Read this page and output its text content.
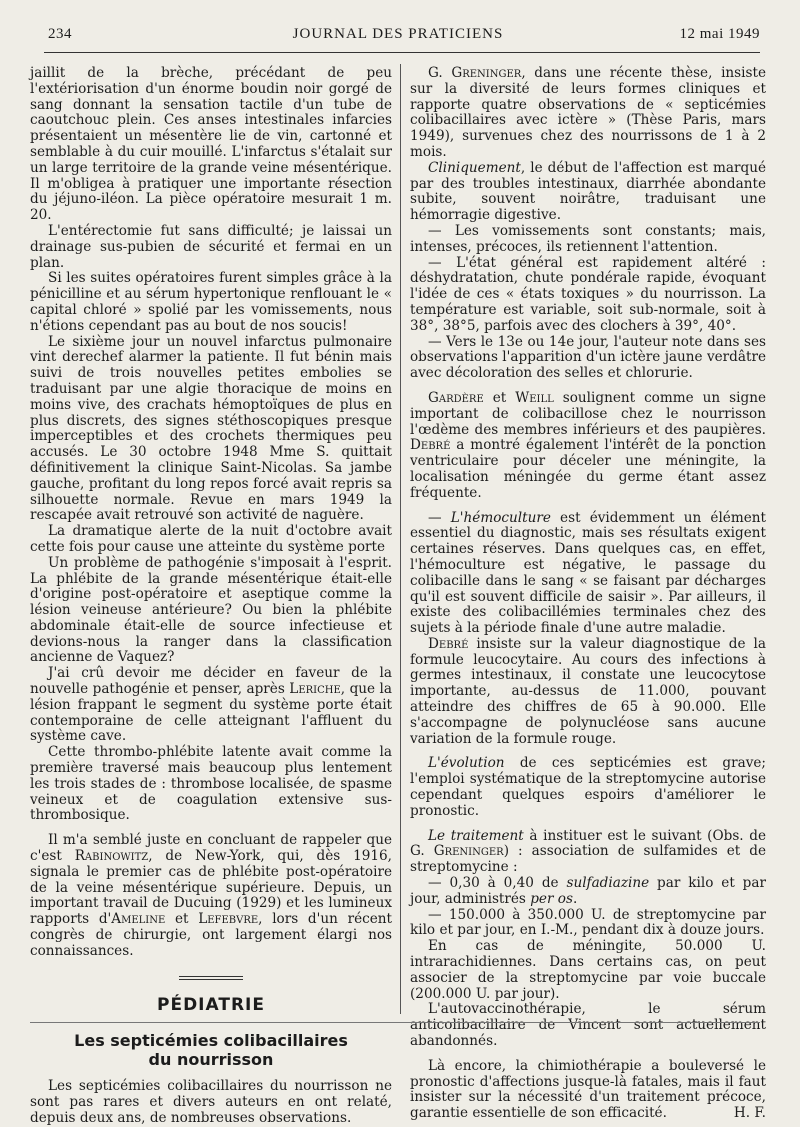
234	JOURNAL DES PRATICIENS	12 mai 1949

jaillit de la brèche, précédant de peu l'extériorisation d'un énorme boudin noir gorgé de sang donnant la sensation tactile d'un tube de caoutchouc plein. Ces anses intestinales infarcies présentaient un mésentère lie de vin, cartonné et semblable à du cuir mouillé. L'infarctus s'étalait sur un large territoire de la grande veine mésentérique. Il m'obligea à pratiquer une importante résection du jéjuno-iléon. La pièce opératoire mesurait 1 m. 20.

L'entérectomie fut sans difficulté; je laissai un drainage sus-pubien de sécurité et fermai en un plan.

Si les suites opératoires furent simples grâce à la pénicilline et au sérum hypertonique renflouant le « capital chloré » spolié par les vomissements, nous n'étions cependant pas au bout de nos soucis!

Le sixième jour un nouvel infarctus pulmonaire vint derechef alarmer la patiente. Il fut bénin mais suivi de trois nouvelles petites embolies se traduisant par une algie thoracique de moins en moins vive, des crachats hémoptoïques de plus en plus discrets, des signes stéthoscopiques presque imperceptibles et des crochets thermiques peu accusés. Le 30 octobre 1948 Mme S. quittait définitivement la clinique Saint-Nicolas. Sa jambe gauche, profitant du long repos forcé avait repris sa silhouette normale. Revue en mars 1949 la rescapée avait retrouvé son activité de naguère.

La dramatique alerte de la nuit d'octobre avait cette fois pour cause une atteinte du système porte

Un problème de pathogénie s'imposait à l'esprit. La phlébite de la grande mésentérique était-elle d'origine post-opératoire et aseptique comme la lésion veineuse antérieure? Ou bien la phlébite abdominale était-elle de source infectieuse et devions-nous la ranger dans la classification ancienne de Vaquez?

J'ai crû devoir me décider en faveur de la nouvelle pathogénie et penser, après Leriche, que la lésion frappant le segment du système porte était contemporaine de celle atteignant l'affluent du système cave.

Cette thrombo-phlébite latente avait comme la première traversé mais beaucoup plus lentement les trois stades de : thrombose localisée, de spasme veineux et de coagulation extensive sus-thrombosique.

Il m'a semblé juste en concluant de rappeler que c'est Rabinowitz, de New-York, qui, dès 1916, signala le premier cas de phlébite post-opératoire de la veine mésentérique supérieure. Depuis, un important travail de Ducuing (1929) et les lumineux rapports d'Ameline et Lefebvre, lors d'un récent congrès de chirurgie, ont largement élargi nos connaissances.

PÉDIATRIE
Les septicémies colibacillaires
du nourrisson

Les septicémies colibacillaires du nourrisson ne sont pas rares et divers auteurs en ont relaté, depuis deux ans, de nombreuses observations.

G. Greninger, dans une récente thèse, insiste sur la diversité de leurs formes cliniques et rapporte quatre observations de « septicémies colibacillaires avec ictère » (Thèse Paris, mars 1949), survenues chez des nourrissons de 1 à 2 mois.

Cliniquement, le début de l'affection est marqué par des troubles intestinaux, diarrhée abondante subite, souvent noirâtre, traduisant une hémorragie digestive.

— Les vomissements sont constants; mais, intenses, précoces, ils retiennent l'attention.

— L'état général est rapidement altéré : déshydratation, chute pondérale rapide, évoquant l'idée de ces « états toxiques » du nourrisson. La température est variable, soit sub-normale, soit à 38°, 38°5, parfois avec des clochers à 39°, 40°.

— Vers le 13e ou 14e jour, l'auteur note dans ses observations l'apparition d'un ictère jaune verdâtre avec décoloration des selles et chlorurie.

Gardère et Weill soulignent comme un signe important de colibacillose chez le nourrisson l'œdème des membres inférieurs et des paupières. Debré a montré également l'intérêt de la ponction ventriculaire pour déceler une méningite, la localisation méningée du germe étant assez fréquente.

— L'hémoculture est évidemment un élément essentiel du diagnostic, mais ses résultats exigent certaines réserves. Dans quelques cas, en effet, l'hémoculture est négative, le passage du colibacille dans le sang « se faisant par décharges qu'il est souvent difficile de saisir ». Par ailleurs, il existe des colibacillémies terminales chez des sujets à la période finale d'une autre maladie.

Debré insiste sur la valeur diagnostique de la formule leucocytaire. Au cours des infections à germes intestinaux, il constate une leucocytose importante, au-dessus de 11.000, pouvant atteindre des chiffres de 65 à 90.000. Elle s'accompagne de polynucléose sans aucune variation de la formule rouge.

L'évolution de ces septicémies est grave; l'emploi systématique de la streptomycine autorise cependant quelques espoirs d'améliorer le pronostic.

Le traitement à instituer est le suivant (Obs. de G. Greninger) : association de sulfamides et de streptomycine :

— 0,30 à 0,40 de sulfadiazine par kilo et par jour, administrés per os.

— 150.000 à 350.000 U. de streptomycine par kilo et par jour, en I.-M., pendant dix à douze jours.

En cas de méningite, 50.000 U. intrarachidiennes. Dans certains cas, on peut associer de la streptomycine par voie buccale (200.000 U. par jour).

L'autovaccinothérapie, le sérum anticolibacillaire de Vincent sont actuellement abandonnés.

Là encore, la chimiothérapie a bouleversé le pronostic d'affections jusque-là fatales, mais il faut insister sur la nécessité d'un traitement précoce, garantie essentielle de son efficacité.	H. F.
